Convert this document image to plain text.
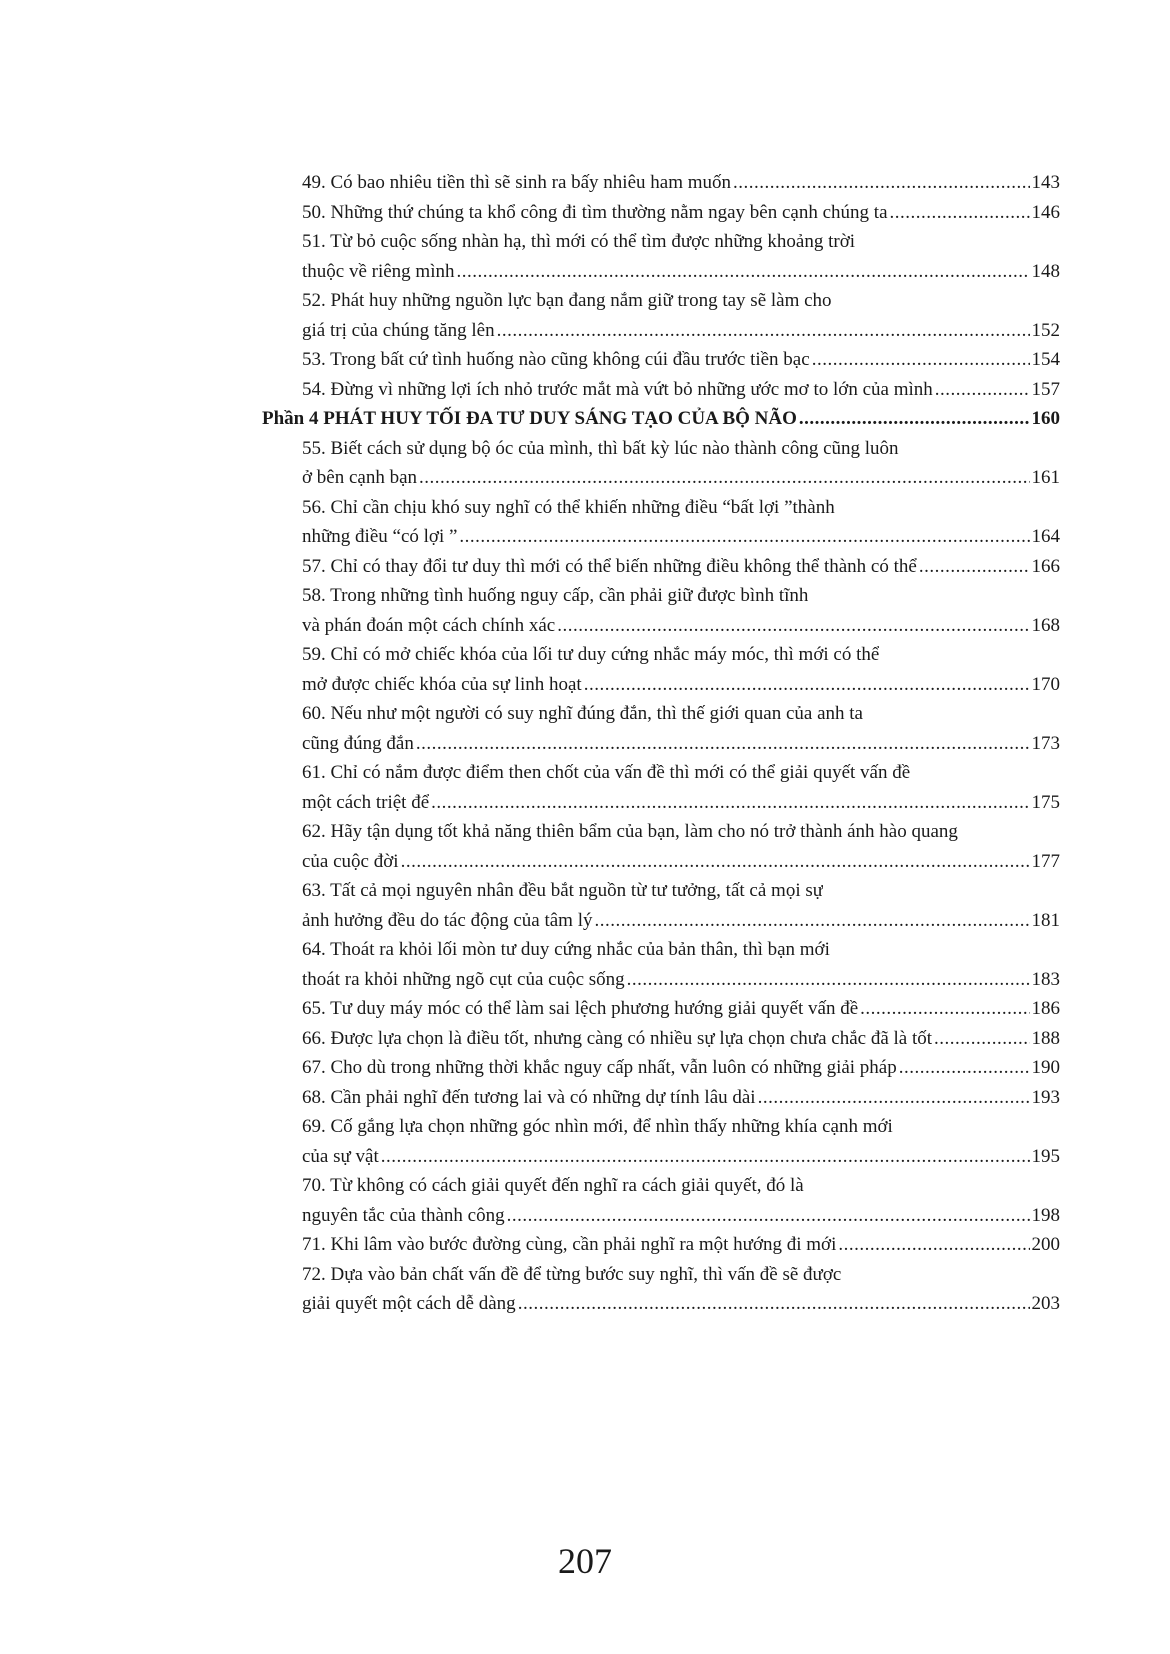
49. Có bao nhiêu tiền thì sẽ sinh ra bấy nhiêu ham muốn .....	143
50. Những thứ chúng ta khổ công đi tìm thường nằm ngay bên cạnh chúng ta .....	146
51. Từ bỏ cuộc sống nhàn hạ, thì mới có thể tìm được những khoảng trời
thuộc về riêng mình .....	148
52. Phát huy những nguồn lực bạn đang nắm giữ trong tay sẽ làm cho
giá trị của chúng tăng lên .....	152
53. Trong bất cứ tình huống nào cũng không cúi đầu trước tiền bạc .....	154
54. Đừng vì những lợi ích nhỏ trước mắt mà vứt bỏ những ước mơ to lớn của mình .....	157
Phần 4 PHÁT HUY TỐI ĐA TƯ DUY SÁNG TẠO CỦA BỘ NÃO .....	160
55. Biết cách sử dụng bộ óc của mình, thì bất kỳ lúc nào thành công cũng luôn
ở bên cạnh bạn .....	161
56. Chỉ cần chịu khó suy nghĩ có thể khiến những điều “bất lợi ”thành
những điều “có lợi ” .....	164
57. Chỉ có thay đổi tư duy thì mới có thể biến những điều không thể thành có thể .....	166
58. Trong những tình huống nguy cấp, cần phải giữ được bình tĩnh
và phán đoán một cách chính xác .....	168
59. Chỉ có mở chiếc khóa của lối tư duy cứng nhắc máy móc, thì mới có thể
mở được chiếc khóa của sự linh hoạt .....	170
60. Nếu như một người có suy nghĩ đúng đắn, thì thế giới quan của anh ta
cũng đúng đắn .....	173
61. Chỉ có nắm được điểm then chốt của vấn đề thì mới có thể giải quyết vấn đề
một cách triệt để .....	175
62. Hãy tận dụng tốt khả năng thiên bẩm của bạn, làm cho nó trở thành ánh hào quang
của cuộc đời .....	177
63. Tất cả mọi nguyên nhân đều bắt nguồn từ tư tưởng, tất cả mọi sự
ảnh hưởng đều do tác động của tâm lý .....	181
64. Thoát ra khỏi lối mòn tư duy cứng nhắc của bản thân, thì bạn mới
thoát ra khỏi những ngõ cụt của cuộc sống .....	183
65. Tư duy máy móc có thể làm sai lệch phương hướng giải quyết vấn đề .....	186
66. Được lựa chọn là điều tốt, nhưng càng có nhiều sự lựa chọn chưa chắc đã là tốt .....	188
67. Cho dù trong những thời khắc nguy cấp nhất, vẫn luôn có những giải pháp .....	190
68. Cần phải nghĩ đến tương lai và có những dự tính lâu dài .....	193
69. Cố gắng lựa chọn những góc nhìn mới, để nhìn thấy những khía cạnh mới
của sự vật .....	195
70. Từ không có cách giải quyết đến nghĩ ra cách giải quyết, đó là
nguyên tắc của thành công .....	198
71. Khi lâm vào bước đường cùng, cần phải nghĩ ra một hướng đi mới .....	200
72. Dựa vào bản chất vấn đề để từng bước suy nghĩ, thì vấn đề sẽ được
giải quyết một cách dễ dàng .....	203
207
